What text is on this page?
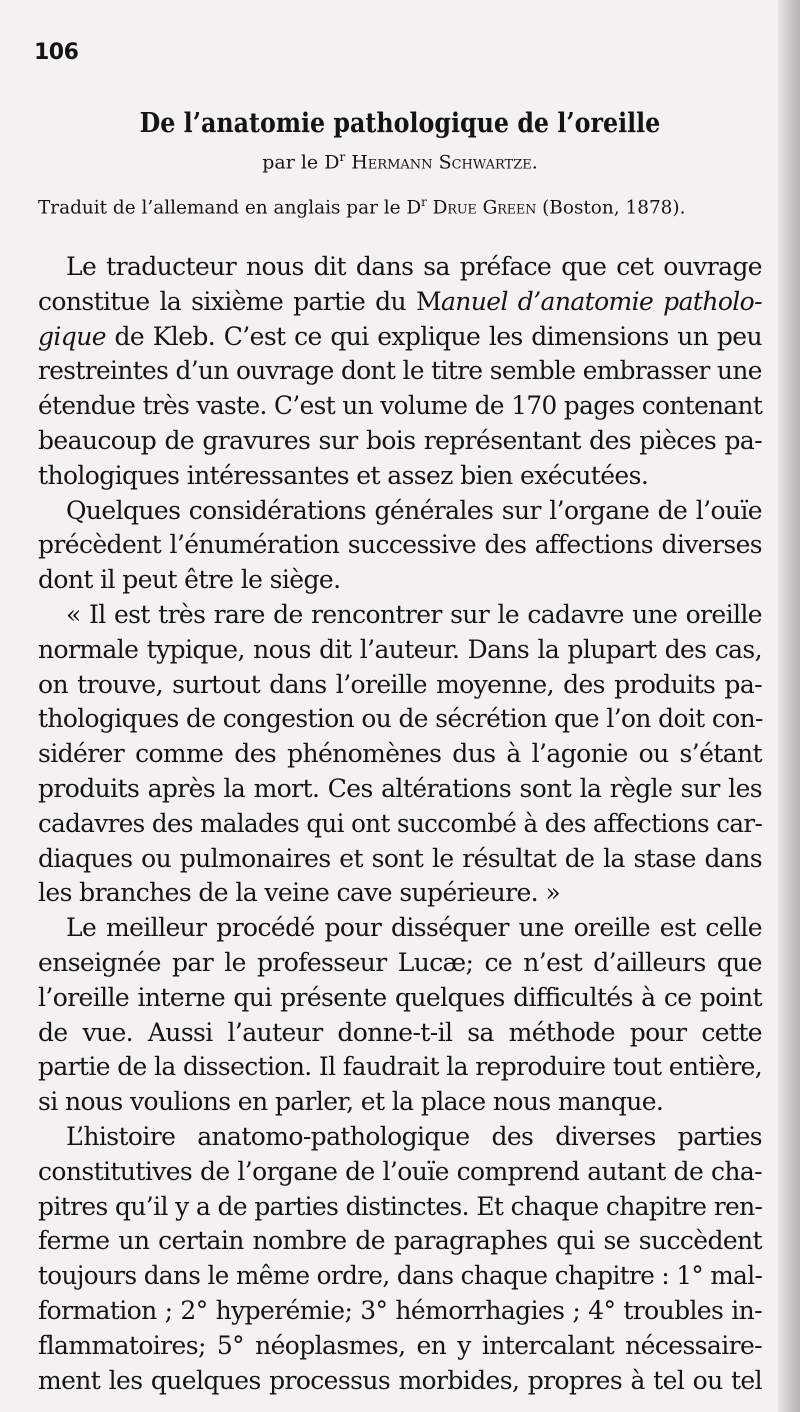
106
De l’anatomie pathologique de l’oreille
par le $D^r$ Hermann Schwartze.
Traduit de l’allemand en anglais par le $D^r$ Drue Green (Boston, 1878).
Le traducteur nous dit dans sa préface que cet ouvrage
constitue la sixième partie du Manuel d’anatomie patholo-
gique de Kleb. C’est ce qui explique les dimensions un peu
restreintes d’un ouvrage dont le titre semble embrasser une
étendue très vaste. C’est un volume de 170 pages contenant
beaucoup de gravures sur bois représentant des pièces pa-
thologiques intéressantes et assez bien exécutées.
Quelques considérations générales sur l’organe de l’ouïe
précèdent l’énumération successive des affections diverses
dont il peut être le siège.
« Il est très rare de rencontrer sur le cadavre une oreille
normale typique, nous dit l’auteur. Dans la plupart des cas,
on trouve, surtout dans l’oreille moyenne, des produits pa-
thologiques de congestion ou de sécrétion que l’on doit con-
sidérer comme des phénomènes dus à l’agonie ou s’étant
produits après la mort. Ces altérations sont la règle sur les
cadavres des malades qui ont succombé à des affections car-
diaques ou pulmonaires et sont le résultat de la stase dans
les branches de la veine cave supérieure. »
Le meilleur procédé pour disséquer une oreille est celle
enseignée par le professeur Lucæ; ce n’est d’ailleurs que
l’oreille interne qui présente quelques difficultés à ce point
de vue. Aussi l’auteur donne-t-il sa méthode pour cette
partie de la dissection. Il faudrait la reproduire tout entière,
si nous voulions en parler, et la place nous manque.
L’histoire anatomo-pathologique des diverses parties
constitutives de l’organe de l’ouïe comprend autant de cha-
pitres qu’il y a de parties distinctes. Et chaque chapitre ren-
ferme un certain nombre de paragraphes qui se succèdent
toujours dans le même ordre, dans chaque chapitre : 1° mal-
formation ; 2° hyperémie; 3° hémorrhagies ; 4° troubles in-
flammatoires; 5° néoplasmes, en y intercalant nécessaire-
ment les quelques processus morbides, propres à tel ou tel
